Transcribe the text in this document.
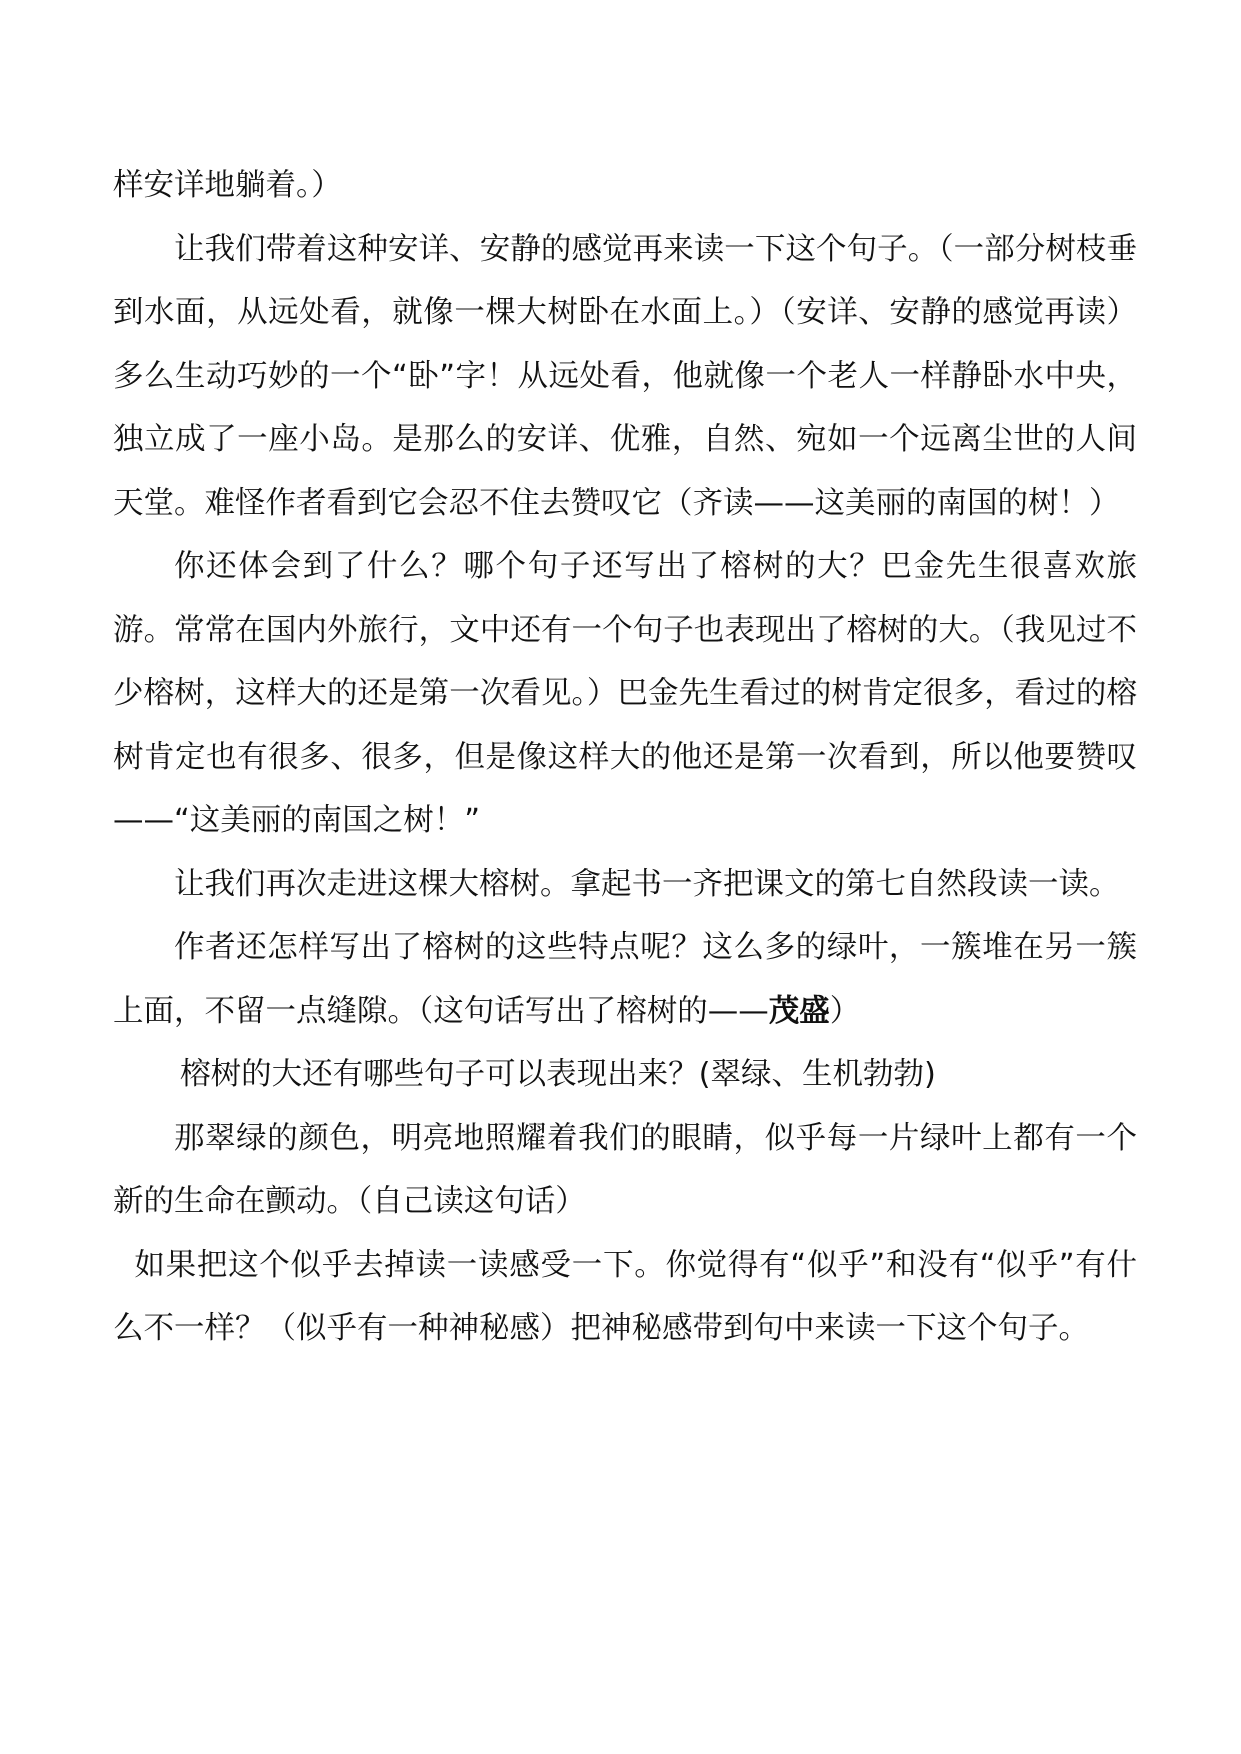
样安详地躺着。）

让我们带着这种安详、安静的感觉再来读一下这个句子。（一部分树枝垂到水面，从远处看，就像一棵大树卧在水面上。）（安详、安静的感觉再读）多么生动巧妙的一个“卧”字！从远处看，他就像一个老人一样静卧水中央，独立成了一座小岛。是那么的安详、优雅，自然、宛如一个远离尘世的人间天堂。难怪作者看到它会忍不住去赞叹它（齐读——这美丽的南国的树！）

你还体会到了什么？哪个句子还写出了榕树的大？巴金先生很喜欢旅游。常常在国内外旅行，文中还有一个句子也表现出了榕树的大。（我见过不少榕树，这样大的还是第一次看见。）巴金先生看过的树肯定很多，看过的榕树肯定也有很多、很多，但是像这样大的他还是第一次看到，所以他要赞叹——“这美丽的南国之树！”

让我们再次走进这棵大榕树。拿起书一齐把课文的第七自然段读一读。

作者还怎样写出了榕树的这些特点呢？这么多的绿叶，一簇堆在另一簇上面，不留一点缝隙。（这句话写出了榕树的——茂盛）

榕树的大还有哪些句子可以表现出来？(翠绿、生机勃勃)

那翠绿的颜色，明亮地照耀着我们的眼睛，似乎每一片绿叶上都有一个新的生命在颤动。（自己读这句话）

如果把这个似乎去掉读一读感受一下。你觉得有“似乎”和没有“似乎”有什么不一样？（似乎有一种神秘感）把神秘感带到句中来读一下这个句子。
